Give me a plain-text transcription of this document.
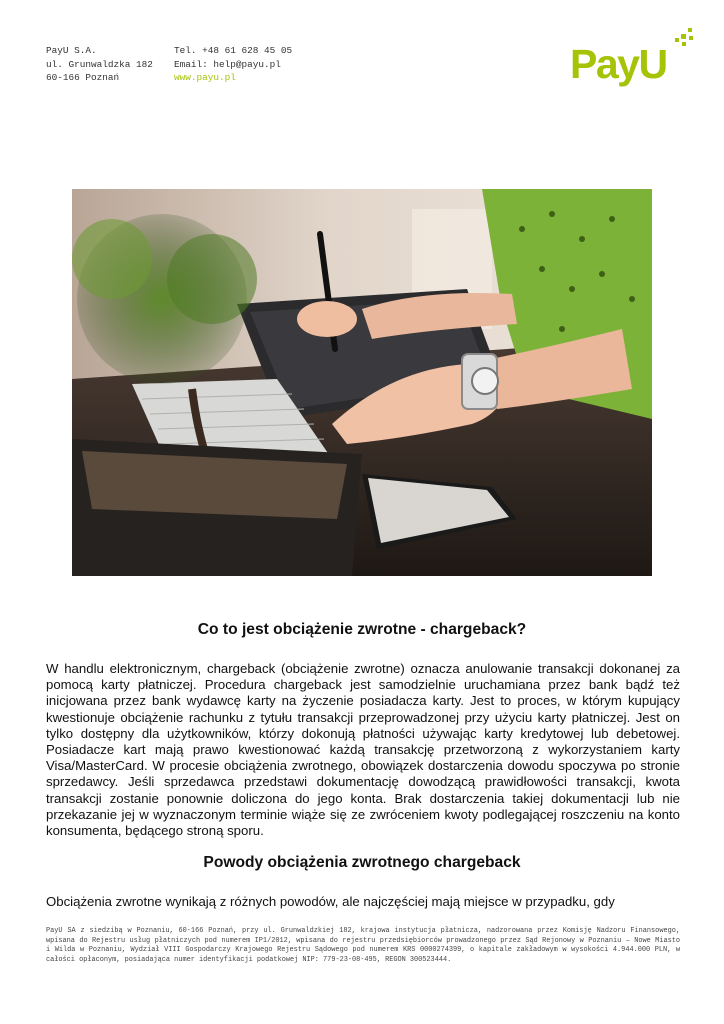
PayU S.A.
ul. Grunwaldzka 182
60-166 Poznań
Tel. +48 61 628 45 05
Email: help@payu.pl
www.payu.pl	PayU
Co to jest obciążenie zwrotne - chargeback?

W handlu elektronicznym, chargeback (obciążenie zwrotne) oznacza anulowanie transakcji dokonanej za pomocą karty płatniczej. Procedura chargeback jest samodzielnie uruchamiana przez bank bądź też inicjowana przez bank wydawcę karty na życzenie posiadacza karty. Jest to proces, w którym kupujący kwestionuje obciążenie rachunku z tytułu transakcji przeprowadzonej przy użyciu karty płatniczej. Jest on tylko dostępny dla użytkowników, którzy dokonują płatności używając karty kredytowej lub debetowej. Posiadacze kart mają prawo kwestionować każdą transakcję przetworzoną z wykorzystaniem karty Visa/MasterCard. W procesie obciążenia zwrotnego, obowiązek dostarczenia dowodu spoczywa po stronie sprzedawcy. Jeśli sprzedawca przedstawi dokumentację dowodzącą prawidłowości transakcji, kwota transakcji zostanie ponownie doliczona do jego konta. Brak dostarczenia takiej dokumentacji lub nie przekazanie jej w wyznaczonym terminie wiąże się ze zwróceniem kwoty podlegającej roszczeniu na konto konsumenta, będącego stroną sporu.

Powody obciążenia zwrotnego chargeback

Obciążenia zwrotne wynikają z różnych powodów, ale najczęściej mają miejsce w przypadku, gdy

PayU SA z siedzibą w Poznaniu, 60-166 Poznań, przy ul. Grunwaldzkiej 182, krajowa instytucja płatnicza, nadzorowana przez Komisję Nadzoru Finansowego, wpisana do Rejestru usług płatniczych pod numerem IP1/2012, wpisana do rejestru przedsiębiorców prowadzonego przez Sąd Rejonowy w Poznaniu – Nowe Miasto i Wilda w Poznaniu, Wydział VIII Gospodarczy Krajowego Rejestru Sądowego pod numerem KRS 0000274399, o kapitale zakładowym w wysokości 4.944.000 PLN, w całości opłaconym, posiadająca numer identyfikacji podatkowej NIP: 779-23-08-495, REGON 300523444.
